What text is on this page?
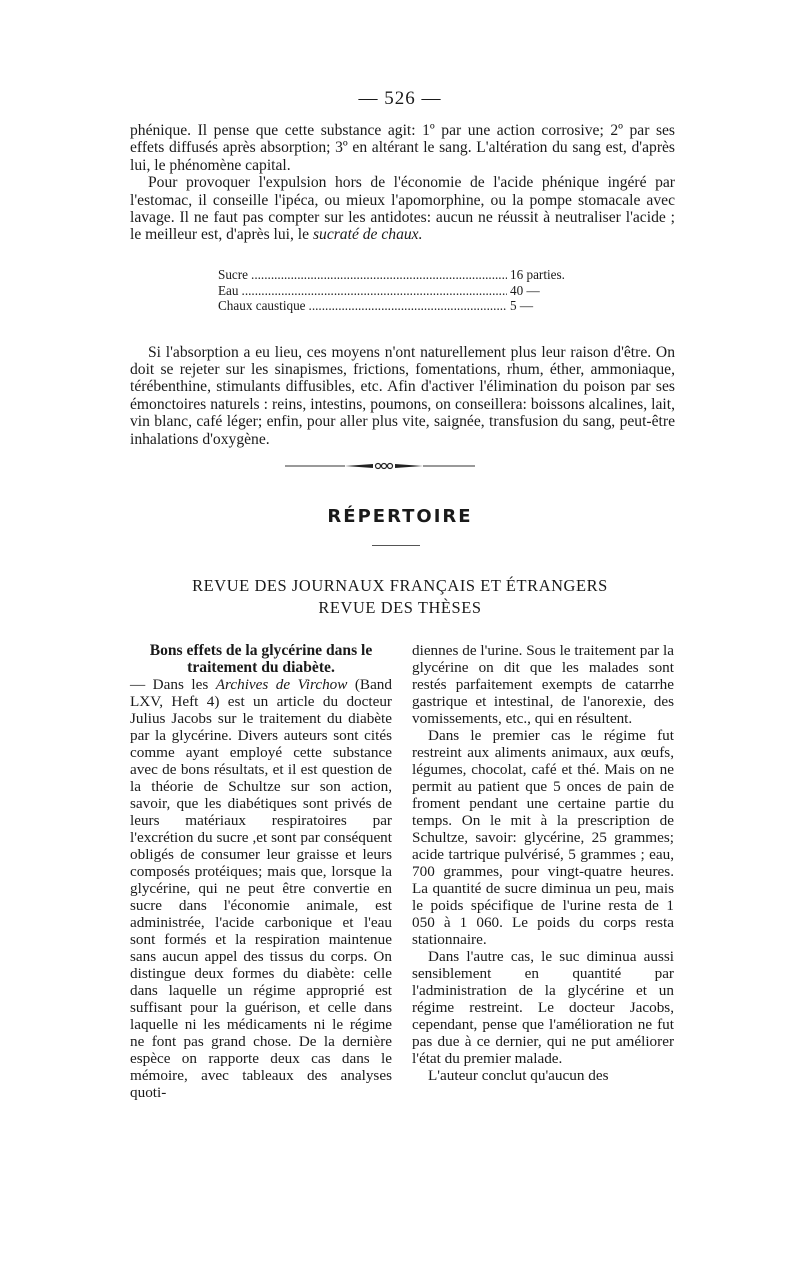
— 526 —

phénique. Il pense que cette substance agit: 1º par une action corrosive; 2º par ses effets diffusés après absorption; 3º en altérant le sang. L'altération du sang est, d'après lui, le phénomène capital.

Pour provoquer l'expulsion hors de l'économie de l'acide phénique ingéré par l'estomac, il conseille l'ipéca, ou mieux l'apomorphine, ou la pompe stomacale avec lavage. Il ne faut pas compter sur les antidotes: aucun ne réussit à neutraliser l'acide ; le meilleur est, d'après lui, le sucraté de chaux.

Sucre .....	16 parties.
Eau .....	40 —
Chaux caustique .....	5 —

Si l'absorption a eu lieu, ces moyens n'ont naturellement plus leur raison d'être. On doit se rejeter sur les sinapismes, frictions, fomentations, rhum, éther, ammoniaque, térébenthine, stimulants diffusibles, etc. Afin d'activer l'élimination du poison par ses émonctoires naturels : reins, intestins, poumons, on conseillera: boissons alcalines, lait, vin blanc, café léger; enfin, pour aller plus vite, saignée, transfusion du sang, peut-être inhalations d'oxygène.

RÉPERTOIRE
REVUE DES JOURNAUX FRANÇAIS ET ÉTRANGERS
REVUE DES THÈSES

Bons effets de la glycérine dans le traitement du diabète.
— Dans les Archives de Virchow (Band LXV, Heft 4) est un article du docteur Julius Jacobs sur le traitement du diabète par la glycérine. Divers auteurs sont cités comme ayant employé cette substance avec de bons résultats, et il est question de la théorie de Schultze sur son action, savoir, que les diabétiques sont privés de leurs matériaux respiratoires par l'excrétion du sucre ,et sont par conséquent obligés de consumer leur graisse et leurs composés protéiques; mais que, lorsque la glycérine, qui ne peut être convertie en sucre dans l'économie animale, est administrée, l'acide carbonique et l'eau sont formés et la respiration maintenue sans aucun appel des tissus du corps. On distingue deux formes du diabète: celle dans laquelle un régime approprié est suffisant pour la guérison, et celle dans laquelle ni les médicaments ni le régime ne font pas grand chose. De la dernière espèce on rapporte deux cas dans le mémoire, avec tableaux des analyses quoti-

diennes de l'urine. Sous le traitement par la glycérine on dit que les malades sont restés parfaitement exempts de catarrhe gastrique et intestinal, de l'anorexie, des vomissements, etc., qui en résultent.

Dans le premier cas le régime fut restreint aux aliments animaux, aux œufs, légumes, chocolat, café et thé. Mais on ne permit au patient que 5 onces de pain de froment pendant une certaine partie du temps. On le mit à la prescription de Schultze, savoir: glycérine, 25 grammes; acide tartrique pulvérisé, 5 grammes ; eau, 700 grammes, pour vingt-quatre heures. La quantité de sucre diminua un peu, mais le poids spécifique de l'urine resta de 1 050 à 1 060. Le poids du corps resta stationnaire.

Dans l'autre cas, le suc diminua aussi sensiblement en quantité par l'administration de la glycérine et un régime restreint. Le docteur Jacobs, cependant, pense que l'amélioration ne fut pas due à ce dernier, qui ne put améliorer l'état du premier malade.

L'auteur conclut qu'aucun des
